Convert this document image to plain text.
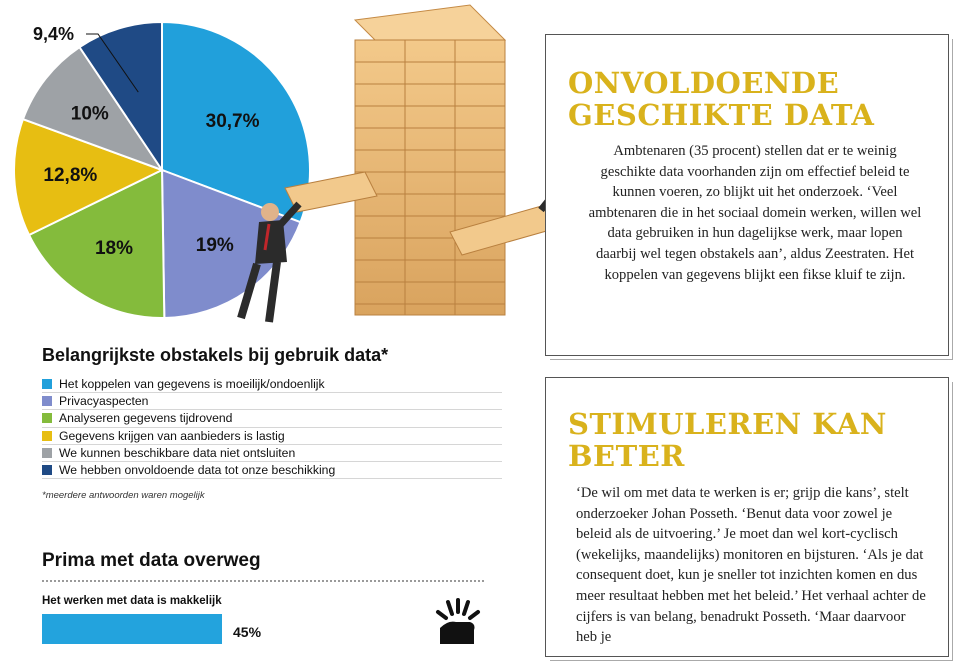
30,7%
19%
18%
12,8%
10%
9,4%
Belangrijkste obstakels bij gebruik data*
Het koppelen van gegevens is moeilijk/ondoenlijk
Privacyaspecten
Analyseren gegevens tijdrovend
Gegevens krijgen van aanbieders is lastig
We kunnen beschikbare data niet ontsluiten
We hebben onvoldoende data tot onze beschikking
*meerdere antwoorden waren mogelijk
Prima met data overweg
Het werken met data is makkelijk
45%
ONVOLDOENDE GESCHIKTE DATA

Ambtenaren (35 procent) stellen dat er te weinig geschikte data voorhanden zijn om effectief beleid te kunnen voeren, zo blijkt uit het onderzoek. ‘Veel ambtenaren die in het sociaal domein werken, willen wel data gebruiken in hun dagelijkse werk, maar lopen daarbij wel tegen obstakels aan’, aldus Zeestraten. Het koppelen van gegevens blijkt een fikse kluif te zijn.

STIMULEREN KAN BETER

‘De wil om met data te werken is er; grijp die kans’, stelt onderzoeker Johan Posseth. ‘Benut data voor zowel je beleid als de uitvoering.’ Je moet dan wel kort-cyclisch (wekelijks, maandelijks) monitoren en bijsturen. ‘Als je dat consequent doet, kun je sneller tot inzichten komen en dus meer resultaat hebben met het beleid.’ Het verhaal achter de cijfers is van belang, benadrukt Posseth. ‘Maar daarvoor heb je
